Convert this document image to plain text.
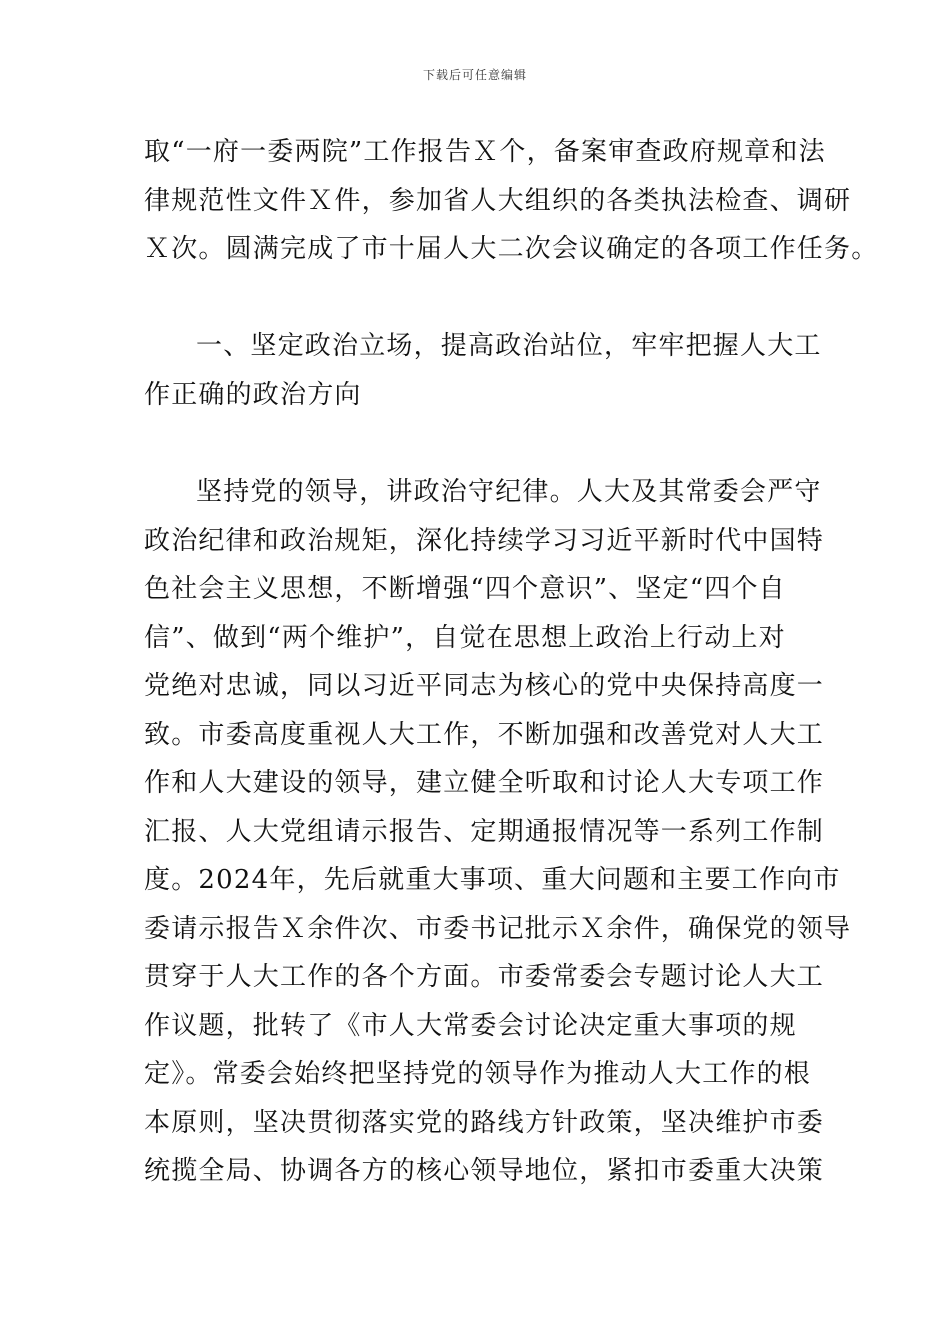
下载后可任意编辑
取“一府一委两院”工作报告Ｘ个，备案审查政府规章和法
律规范性文件Ｘ件，参加省人大组织的各类执法检查、调研
Ｘ次。圆满完成了市十届人大二次会议确定的各项工作任务。
一、坚定政治立场，提高政治站位，牢牢把握人大工
作正确的政治方向
坚持党的领导，讲政治守纪律。人大及其常委会严守
政治纪律和政治规矩，深化持续学习习近平新时代中国特
色社会主义思想，不断增强“四个意识”、坚定“四个自
信”、做到“两个维护”，自觉在思想上政治上行动上对
党绝对忠诚，同以习近平同志为核心的党中央保持高度一
致。市委高度重视人大工作，不断加强和改善党对人大工
作和人大建设的领导，建立健全听取和讨论人大专项工作
汇报、人大党组请示报告、定期通报情况等一系列工作制
度。2024年，先后就重大事项、重大问题和主要工作向市
委请示报告Ｘ余件次、市委书记批示Ｘ余件，确保党的领导
贯穿于人大工作的各个方面。市委常委会专题讨论人大工
作议题，批转了《市人大常委会讨论决定重大事项的规
定》。常委会始终把坚持党的领导作为推动人大工作的根
本原则，坚决贯彻落实党的路线方针政策，坚决维护市委
统揽全局、协调各方的核心领导地位，紧扣市委重大决策
